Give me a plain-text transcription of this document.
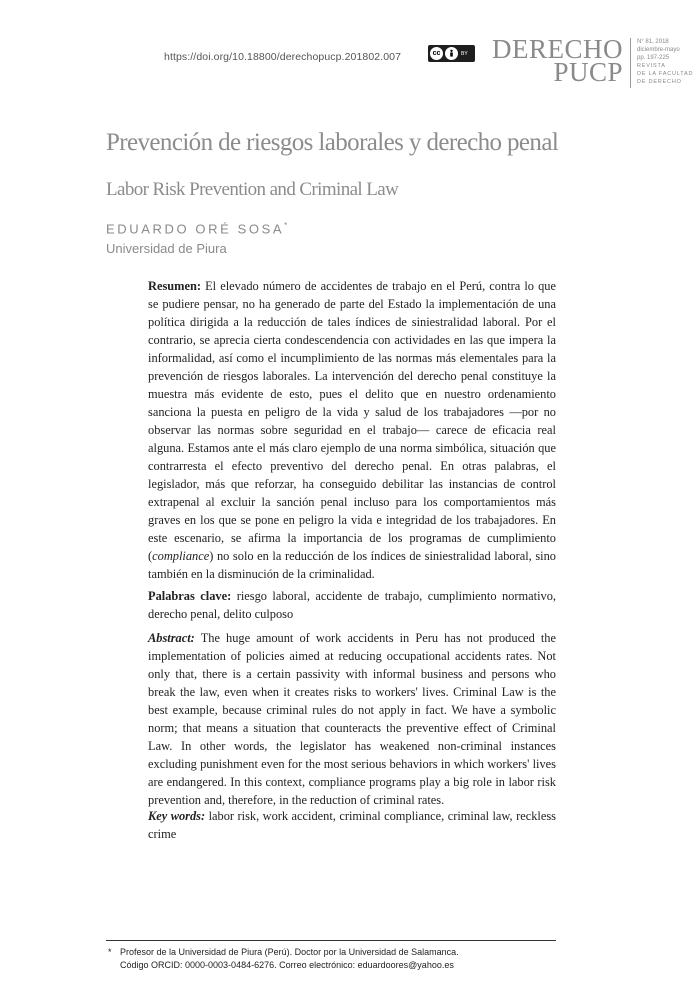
https://doi.org/10.18800/derechopucp.201802.007	cc	BY DERECHO
PUCP
N° 81, 2018
diciembre-mayo
pp. 197-225
REVISTA
DE LA FACULTAD
DE DERECHO
Prevención de riesgos laborales y derecho penal
Labor Risk Prevention and Criminal Law
EDUARDO ORÉ SOSA*
Universidad de Piura

Resumen: El elevado número de accidentes de trabajo en el Perú, contra lo que se pudiere pensar, no ha generado de parte del Estado la implementación de una política dirigida a la reducción de tales índices de siniestralidad laboral. Por el contrario, se aprecia cierta condescendencia con actividades en las que impera la informalidad, así como el incumplimiento de las normas más elementales para la prevención de riesgos laborales. La intervención del derecho penal constituye la muestra más evidente de esto, pues el delito que en nuestro ordenamiento sanciona la puesta en peligro de la vida y salud de los trabajadores —por no observar las normas sobre seguridad en el trabajo— carece de eficacia real alguna. Estamos ante el más claro ejemplo de una norma simbólica, situación que contrarresta el efecto preventivo del derecho penal. En otras palabras, el legislador, más que reforzar, ha conseguido debilitar las instancias de control extrapenal al excluir la sanción penal incluso para los comportamientos más graves en los que se pone en peligro la vida e integridad de los trabajadores. En este escenario, se afirma la importancia de los programas de cumplimiento (compliance) no solo en la reducción de los índices de siniestralidad laboral, sino también en la disminución de la criminalidad.

Palabras clave: riesgo laboral, accidente de trabajo, cumplimiento normativo, derecho penal, delito culposo

Abstract: The huge amount of work accidents in Peru has not produced the implementation of policies aimed at reducing occupational accidents rates. Not only that, there is a certain passivity with informal business and persons who break the law, even when it creates risks to workers' lives. Criminal Law is the best example, because criminal rules do not apply in fact. We have a symbolic norm; that means a situation that counteracts the preventive effect of Criminal Law. In other words, the legislator has weakened non-criminal instances excluding punishment even for the most serious behaviors in which workers' lives are endangered. In this context, compliance programs play a big role in labor risk prevention and, therefore, in the reduction of criminal rates.

Key words: labor risk, work accident, criminal compliance, criminal law, reckless crime

* Profesor de la Universidad de Piura (Perú). Doctor por la Universidad de Salamanca.
Código ORCID: 0000-0003-0484-6276. Correo electrónico: eduardoores@yahoo.es
